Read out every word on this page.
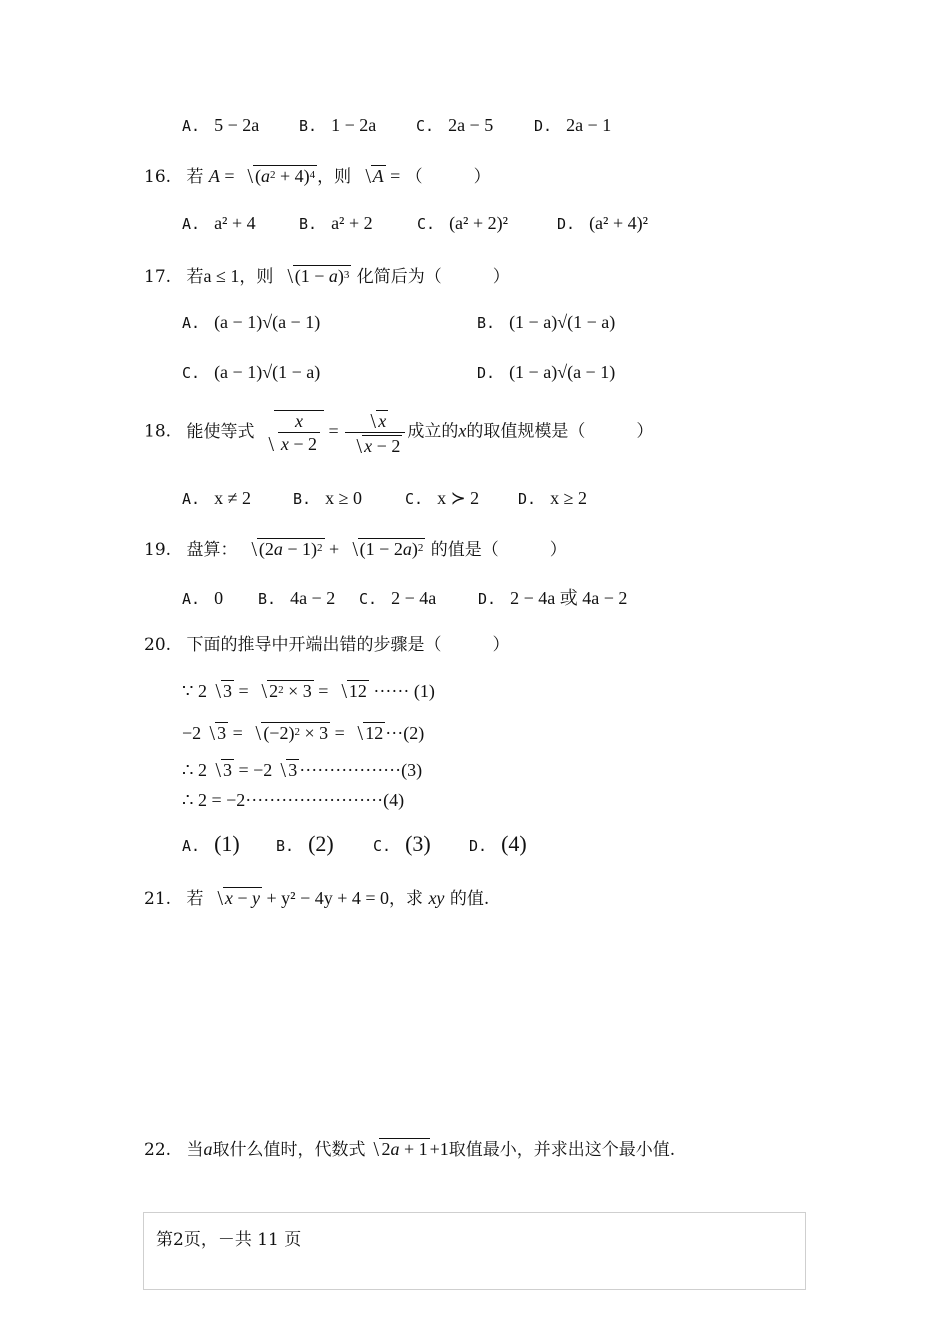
A. 5 − 2a	B. 1 − 2a	C. 2a − 5	D. 2a − 1
16. 若 $A = (a^2 + 4)^4$ ，则 A = （　　　）
A. a² + 4	B. a² + 2	C. (a² + 2)²	D. (a² + 4)²
17. 若a ≤ 1，则 $(1 - a)^3$ 化简后为（　　　）
A. (a − 1)√(a − 1)	B. (1 − a)√(1 − a)
C. (a − 1)√(1 − a)	D. (1 − a)√(a − 1)
18. 能使等式 $\frac{x}{x - 2} = \frac{x}{x - 2}$ 成立的x的取值规模是（　　　）
A. x ≠ 2	B. x ≥ 0	C. x ≻ 2	D. x ≥ 2
19. 盘算： $(2a - 1)^2 + (1 - 2a)^2$ 的值是（　　　）
A. 0 B. 4a − 2 C. 2 − 4a	D. 2 − 4a 或 4a − 2
20. 下面的推导中开端出错的步骤是（　　　）
∵ 2 $3 = 2^2 \times 3 = 12$ ······ (1)
−2 $3 = (-2)^2 \times 3 = 12 \cdot\cdot\cdot(2)$
∴ 2 3 = −2 3 ·················(3)
∴ 2 = −2·······················(4)
A. (1) B. (2)	C. (3)	D. (4)
21. 若 x − y + y² − 4y + 4 = 0，求 xy 的值.
22. 当a取什么值时，代数式 2a + 1 +1取值最小，并求出这个最小值.
第2页，－共 11 页
